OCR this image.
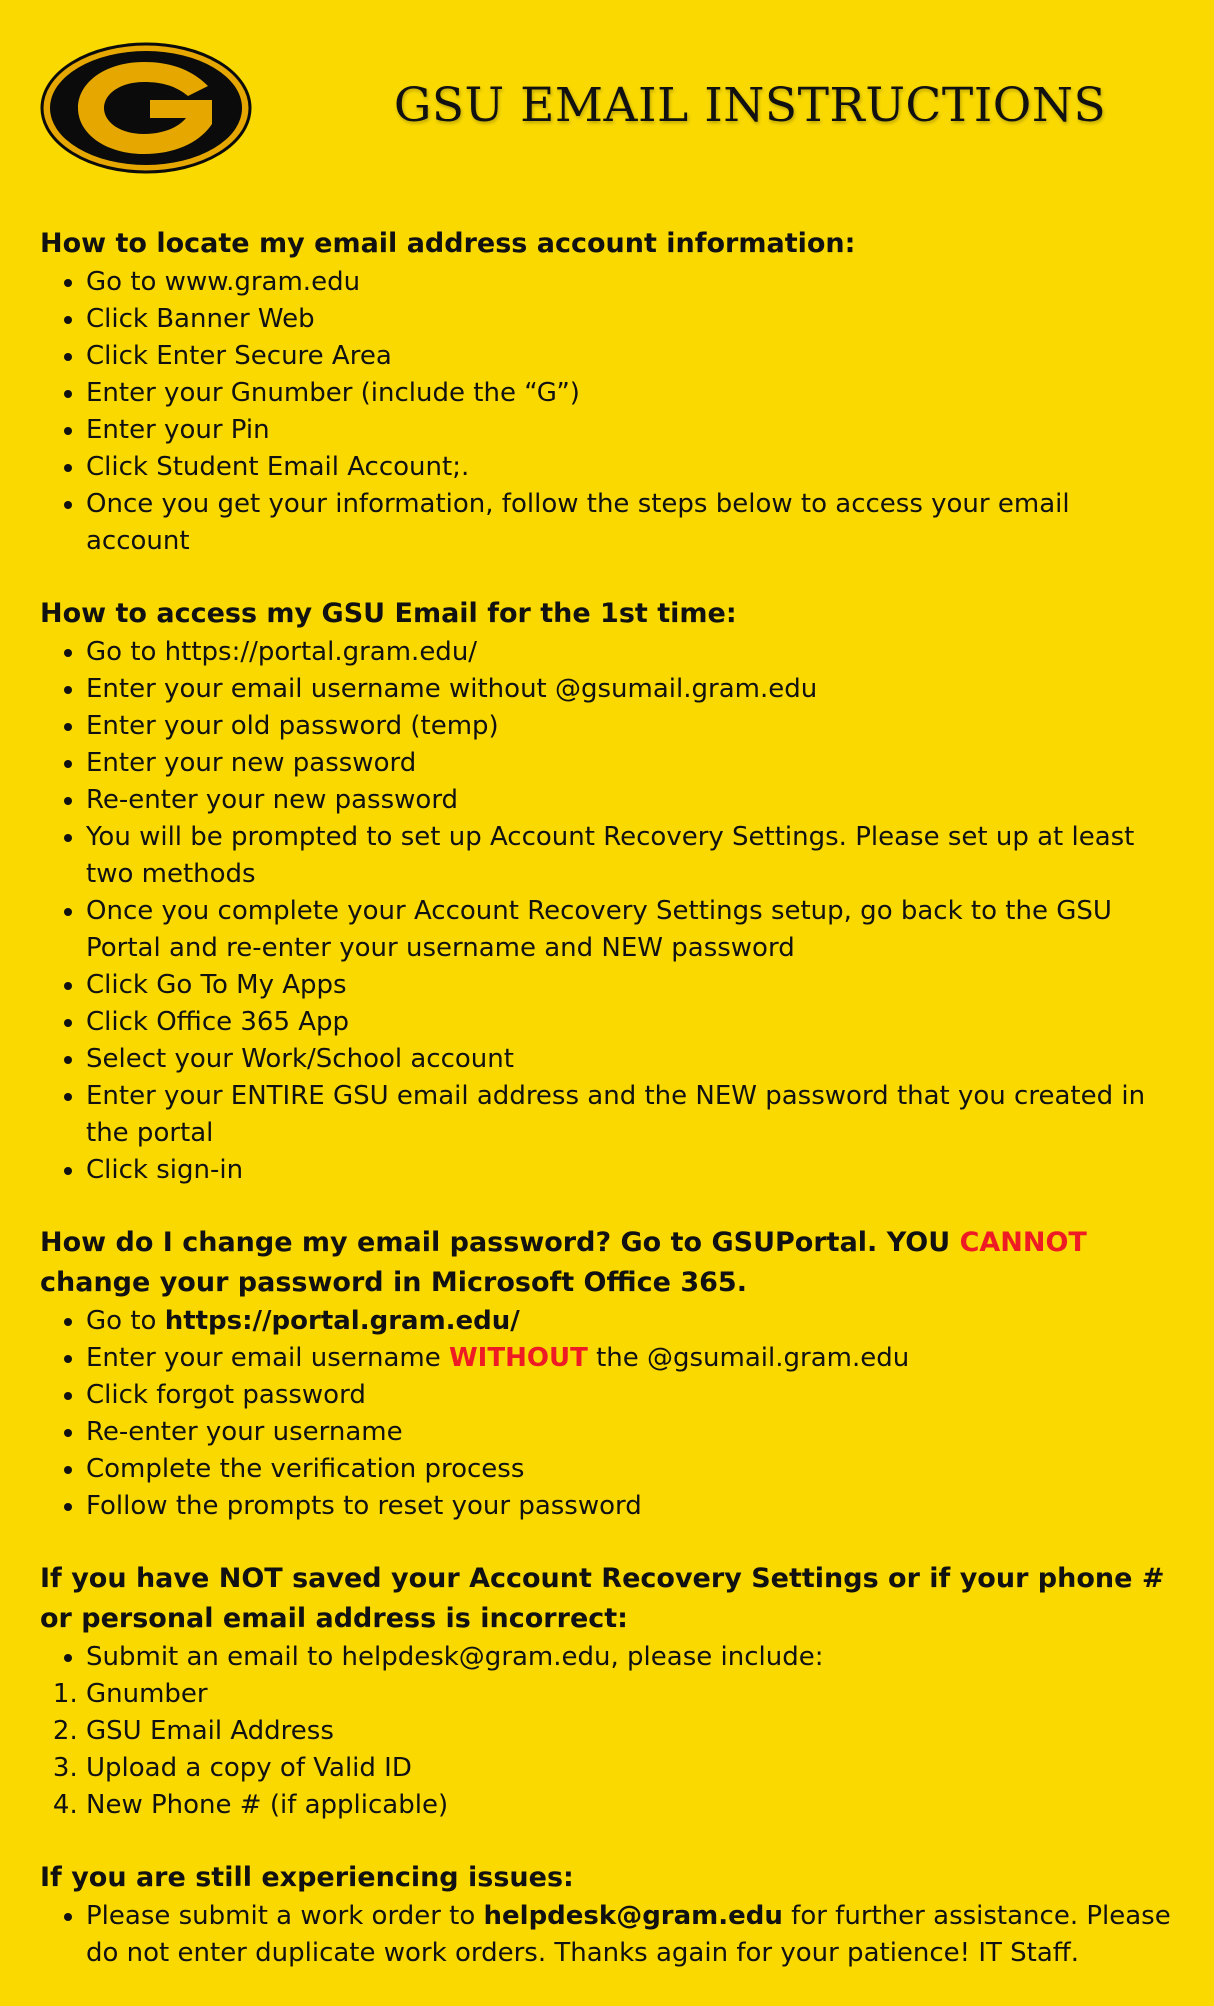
GSU EMAIL INSTRUCTIONS

How to locate my email address account information:

• Go to www.gram.edu
• Click Banner Web
• Click Enter Secure Area
• Enter your Gnumber (include the “G”)
• Enter your Pin
• Click Student Email Account;.
• Once you get your information, follow the steps below to access your email account

How to access my GSU Email for the 1st time:

• Go to https://portal.gram.edu/
• Enter your email username without @gsumail.gram.edu
• Enter your old password (temp)
• Enter your new password
• Re-enter your new password
• You will be prompted to set up Account Recovery Settings. Please set up at least two methods
• Once you complete your Account Recovery Settings setup, go back to the GSU Portal and re-enter your username and NEW password
• Click Go To My Apps
• Click Office 365 App
• Select your Work/School account
• Enter your ENTIRE GSU email address and the NEW password that you created in the portal
• Click sign-in

How do I change my email password? Go to GSUPortal. YOU CANNOT change your password in Microsoft Office 365.

• Go to https://portal.gram.edu/
• Enter your email username WITHOUT the @gsumail.gram.edu
• Click forgot password
• Re-enter your username
• Complete the verification process
• Follow the prompts to reset your password

If you have NOT saved your Account Recovery Settings or if your phone # or personal email address is incorrect:

• Submit an email to helpdesk@gram.edu, please include:
1. Gnumber
2. GSU Email Address
3. Upload a copy of Valid ID
4. New Phone # (if applicable)

If you are still experiencing issues:

• Please submit a work order to helpdesk@gram.edu for further assistance. Please do not enter duplicate work orders. Thanks again for your patience! IT Staff.
